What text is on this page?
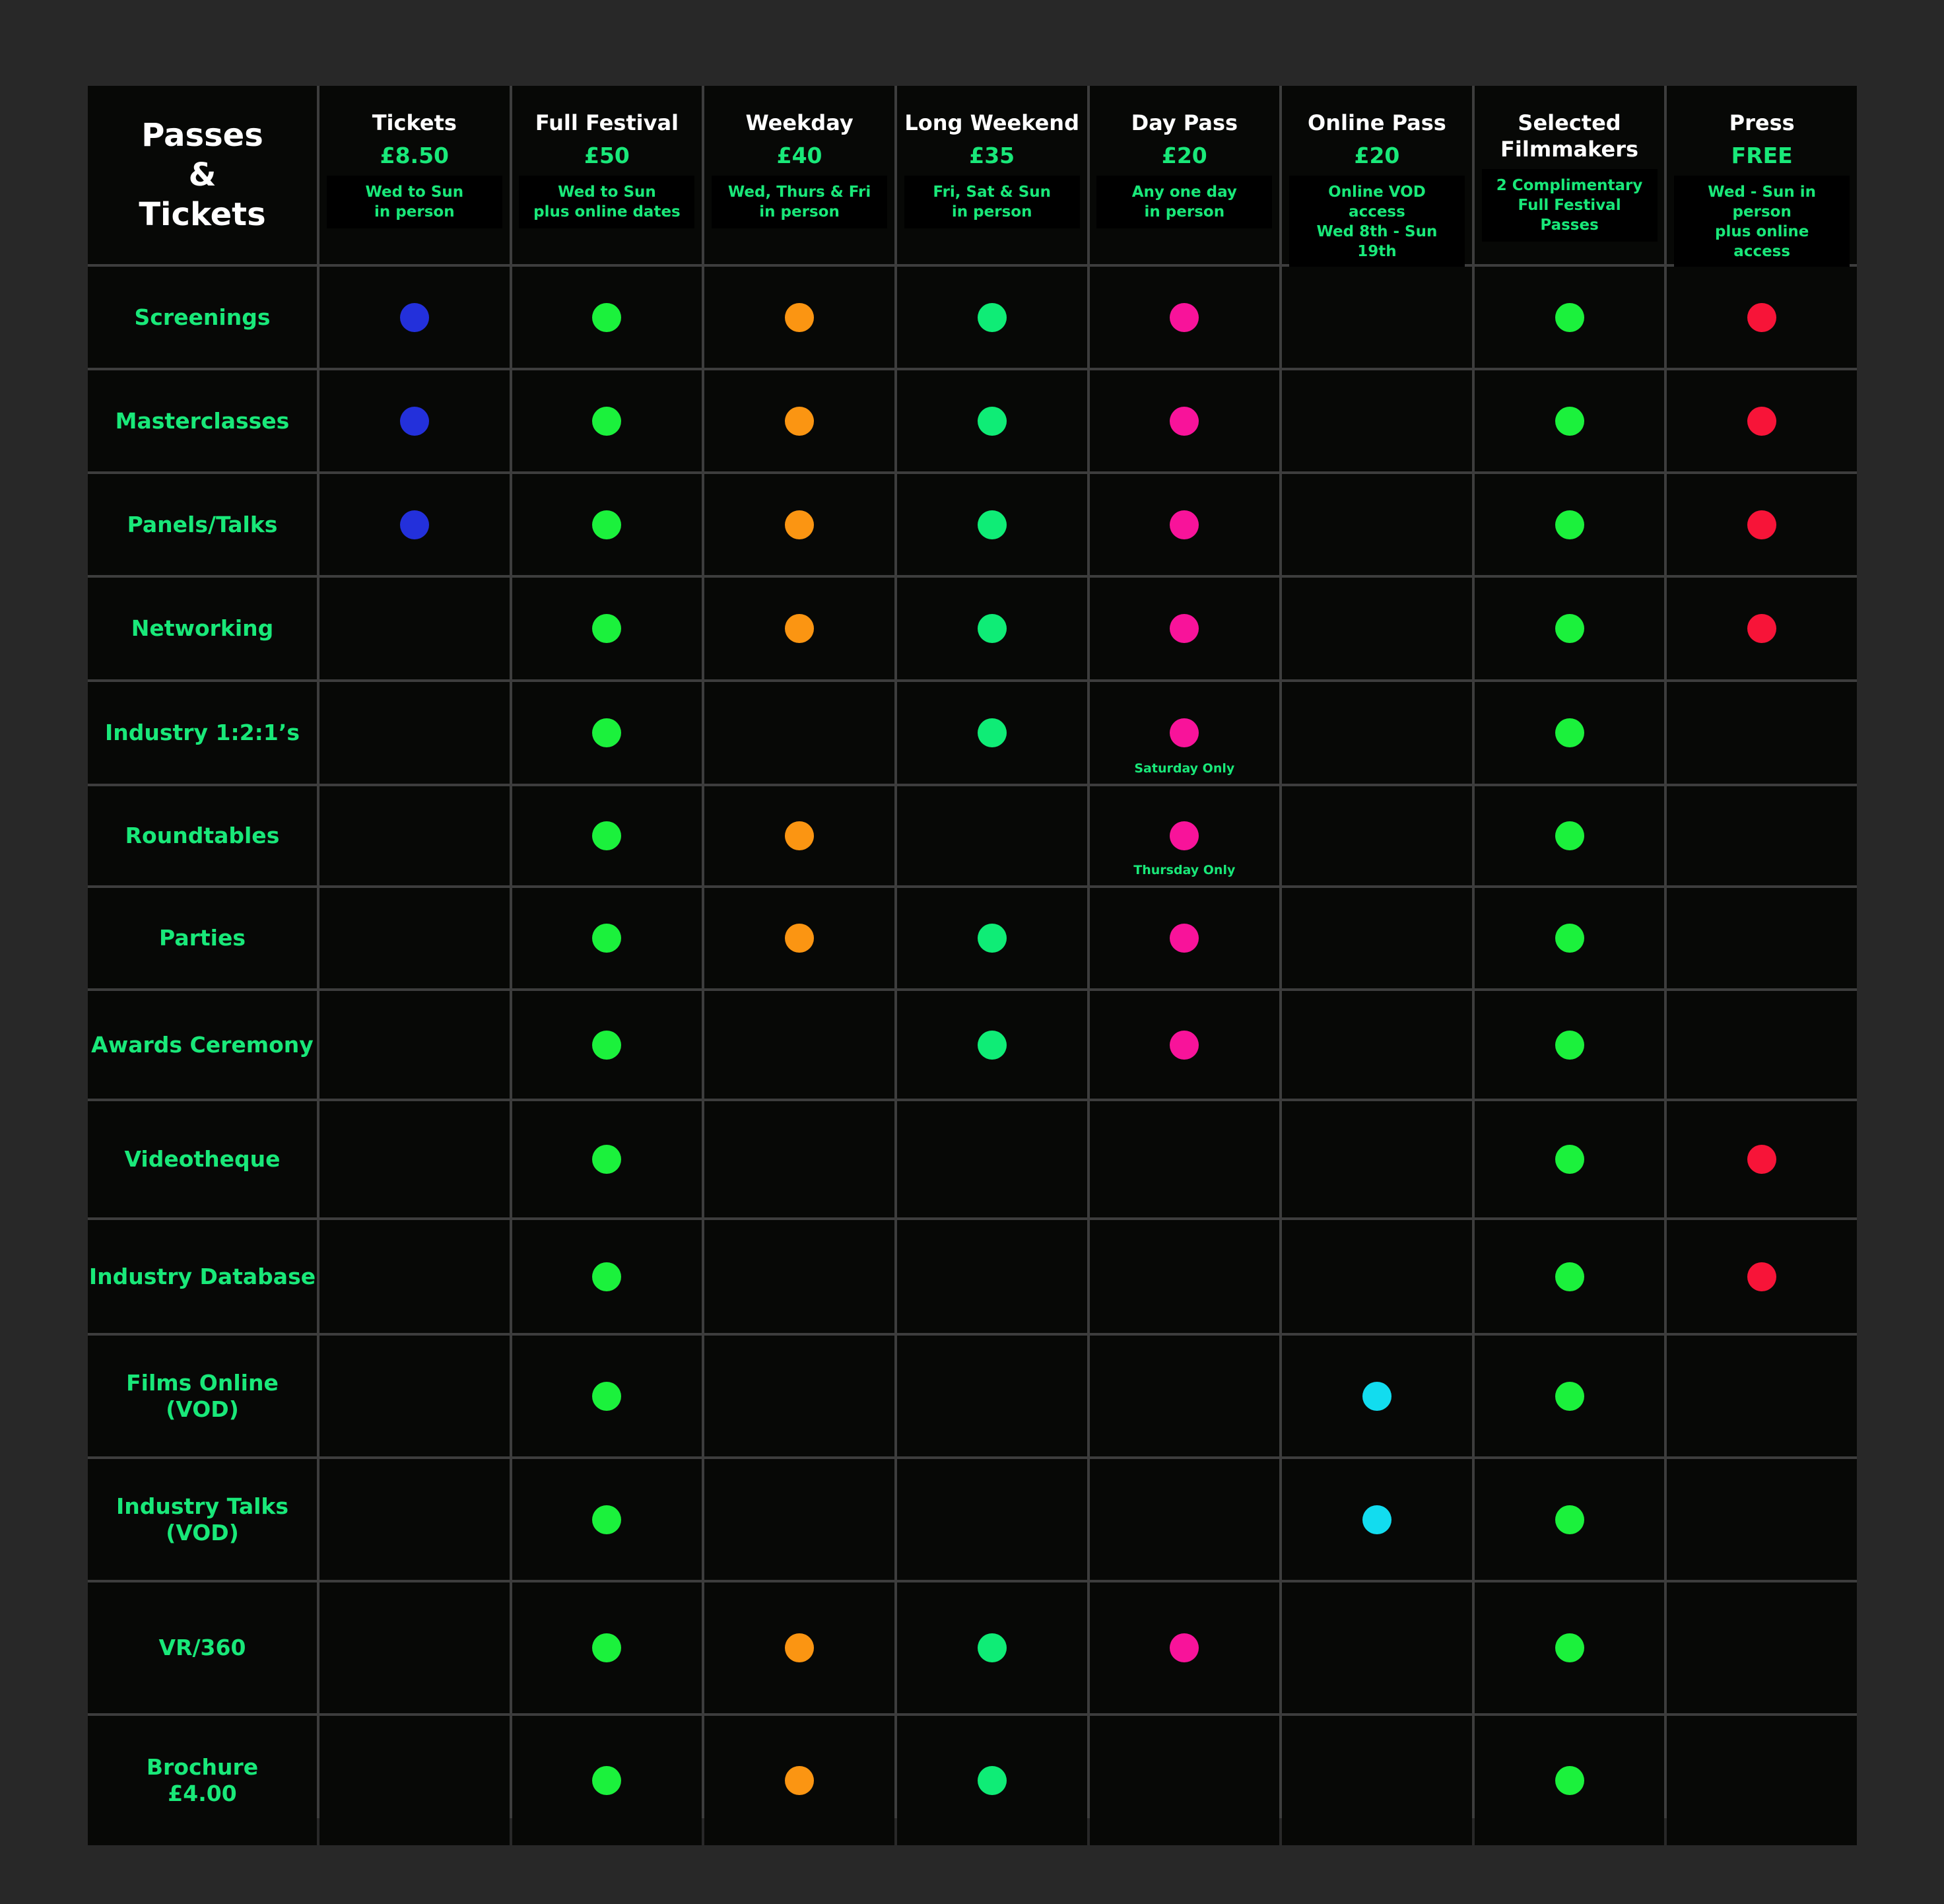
Passes

&

Tickets

Tickets
£8.50
Wed to Sun
in person
Full Festival
£50
Wed to Sun
plus online dates
Weekday
£40
Wed, Thurs & Fri
in person
Long Weekend
£35
Fri, Sat & Sun
in person
Day Pass
£20
Any one day
in person
Online Pass
£20
Online VOD access
Wed 8th - Sun 19th
Selected
Filmmakers
2 Complimentary
Full Festival Passes
Press
FREE
Wed - Sun in person
plus online access
Screenings
Masterclasses
Panels/Talks
Networking
Industry 1:2:1’s
Saturday Only
Roundtables
Thursday Only
Parties
Awards Ceremony
Videotheque
Industry Database
Films Online
(VOD)
Industry Talks
(VOD)
VR/360
Brochure
£4.00
